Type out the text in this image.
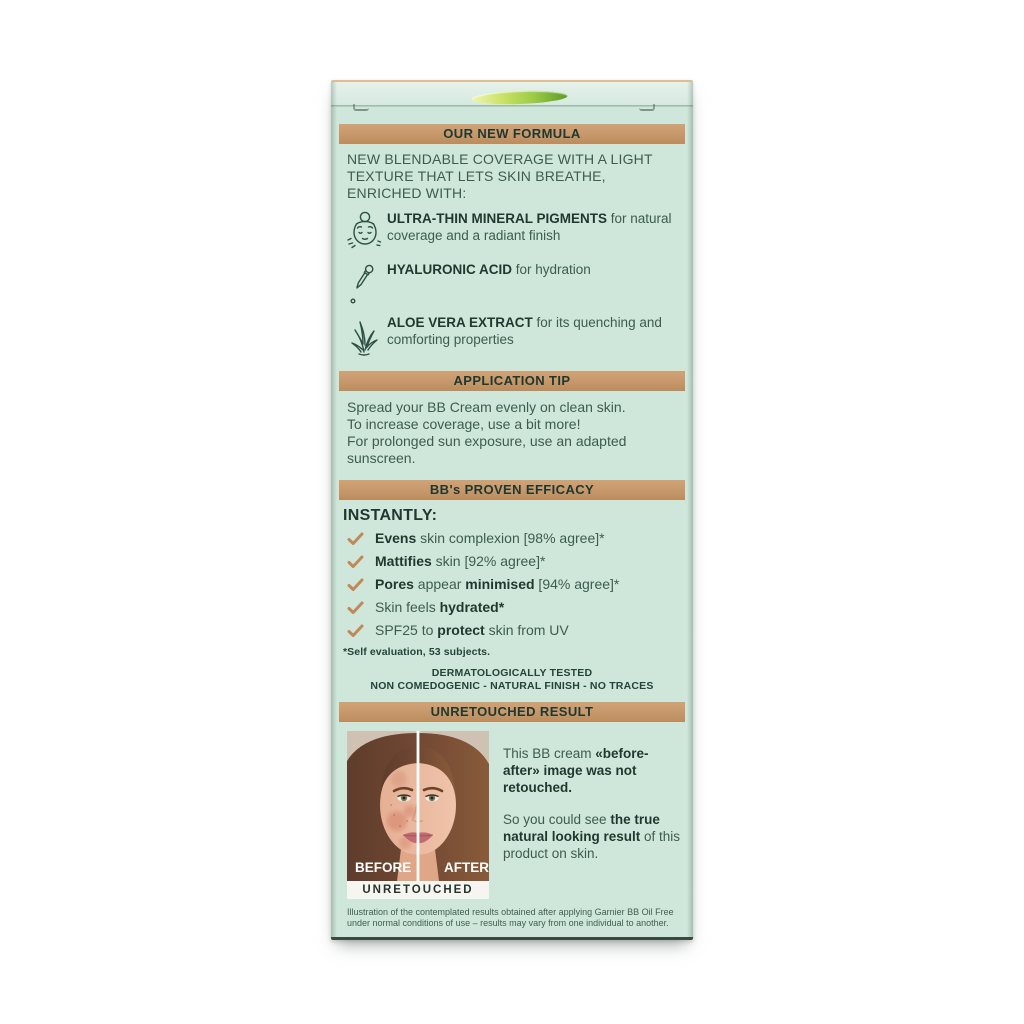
OUR NEW FORMULA

NEW BLENDABLE COVERAGE WITH A LIGHT TEXTURE THAT LETS SKIN BREATHE, ENRICHED WITH:

ULTRA-THIN MINERAL PIGMENTS for natural coverage and a radiant finish

HYALURONIC ACID for hydration

ALOE VERA EXTRACT for its quenching and comforting properties

APPLICATION TIP

Spread your BB Cream evenly on clean skin.

To increase coverage, use a bit more!

For prolonged sun exposure, use an adapted sunscreen.

BB's PROVEN EFFICACY

INSTANTLY:

Evens skin complexion [98% agree]*

Mattifies skin [92% agree]*

Pores appear minimised [94% agree]*

Skin feels hydrated*

SPF25 to protect skin from UV

*Self evaluation, 53 subjects.

DERMATOLOGICALLY TESTED
NON COMEDOGENIC - NATURAL FINISH - NO TRACES
UNRETOUCHED RESULT
BEFORE AFTER
UNRETOUCHED

This BB cream «before-after» image was not retouched.

So you could see the true natural looking result of this product on skin.

Illustration of the contemplated results obtained after applying Garnier BB Oil Free under normal conditions of use – results may vary from one individual to another.
